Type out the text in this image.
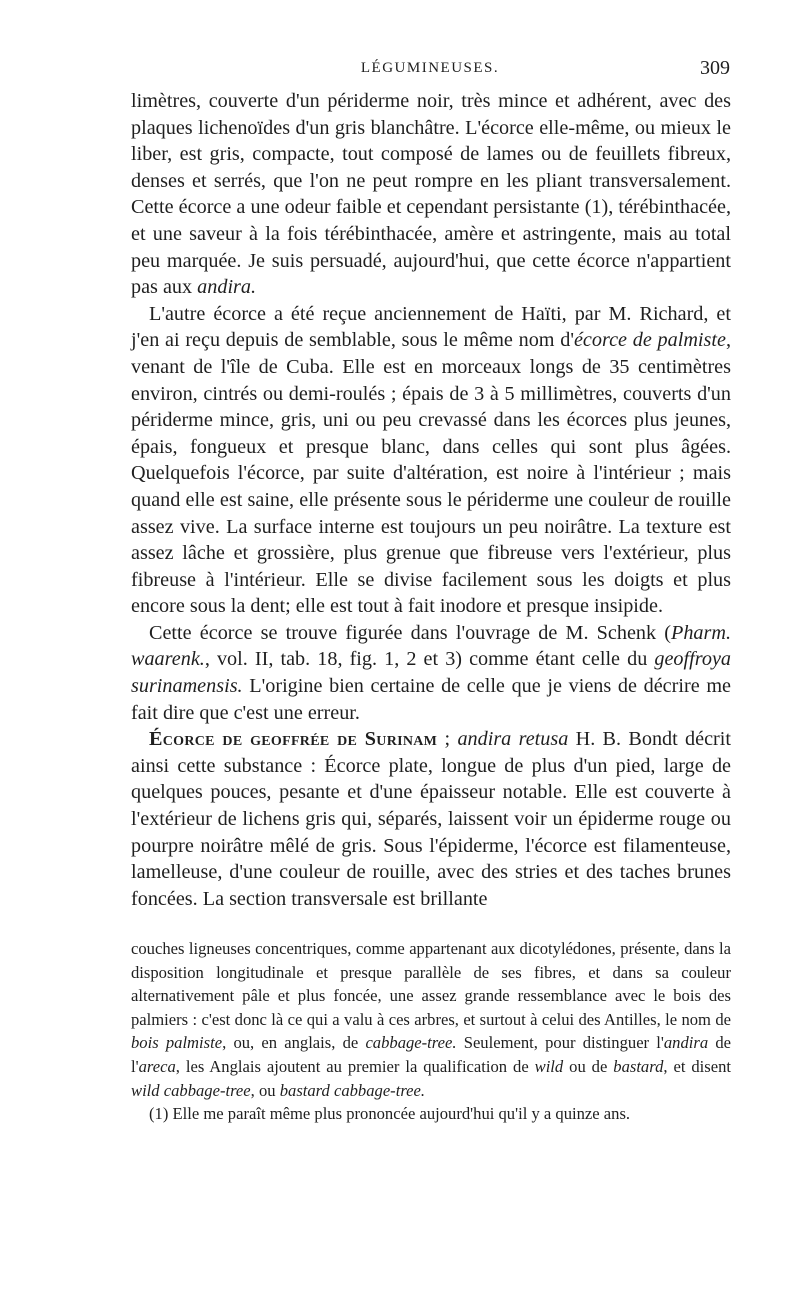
LÉGUMINEUSES.	309

limètres, couverte d'un périderme noir, très mince et adhérent, avec des plaques lichenoïdes d'un gris blanchâtre. L'écorce elle-même, ou mieux le liber, est gris, compacte, tout composé de lames ou de feuillets fibreux, denses et serrés, que l'on ne peut rompre en les pliant transversalement. Cette écorce a une odeur faible et cependant persistante (1), térébinthacée, et une saveur à la fois térébinthacée, amère et astringente, mais au total peu marquée. Je suis persuadé, aujourd'hui, que cette écorce n'appartient pas aux andira.

L'autre écorce a été reçue anciennement de Haïti, par M. Richard, et j'en ai reçu depuis de semblable, sous le même nom d'écorce de palmiste, venant de l'île de Cuba. Elle est en morceaux longs de 35 centimètres environ, cintrés ou demi-roulés ; épais de 3 à 5 millimètres, couverts d'un périderme mince, gris, uni ou peu crevassé dans les écorces plus jeunes, épais, fongueux et presque blanc, dans celles qui sont plus âgées. Quelquefois l'écorce, par suite d'altération, est noire à l'intérieur ; mais quand elle est saine, elle présente sous le périderme une couleur de rouille assez vive. La surface interne est toujours un peu noirâtre. La texture est assez lâche et grossière, plus grenue que fibreuse vers l'extérieur, plus fibreuse à l'intérieur. Elle se divise facilement sous les doigts et plus encore sous la dent; elle est tout à fait inodore et presque insipide.

Cette écorce se trouve figurée dans l'ouvrage de M. Schenk (Pharm. waarenk., vol. II, tab. 18, fig. 1, 2 et 3) comme étant celle du geoffroya surinamensis. L'origine bien certaine de celle que je viens de décrire me fait dire que c'est une erreur.

Écorce de geoffrée de Surinam ; andira retusa H. B. Bondt décrit ainsi cette substance : Écorce plate, longue de plus d'un pied, large de quelques pouces, pesante et d'une épaisseur notable. Elle est couverte à l'extérieur de lichens gris qui, séparés, laissent voir un épiderme rouge ou pourpre noirâtre mêlé de gris. Sous l'épiderme, l'écorce est filamenteuse, lamelleuse, d'une couleur de rouille, avec des stries et des taches brunes foncées. La section transversale est brillante

couches ligneuses concentriques, comme appartenant aux dicotylédones, présente, dans la disposition longitudinale et presque parallèle de ses fibres, et dans sa couleur alternativement pâle et plus foncée, une assez grande ressemblance avec le bois des palmiers : c'est donc là ce qui a valu à ces arbres, et surtout à celui des Antilles, le nom de bois palmiste, ou, en anglais, de cabbage-tree. Seulement, pour distinguer l'andira de l'areca, les Anglais ajoutent au premier la qualification de wild ou de bastard, et disent wild cabbage-tree, ou bastard cabbage-tree.

(1) Elle me paraît même plus prononcée aujourd'hui qu'il y a quinze ans.
